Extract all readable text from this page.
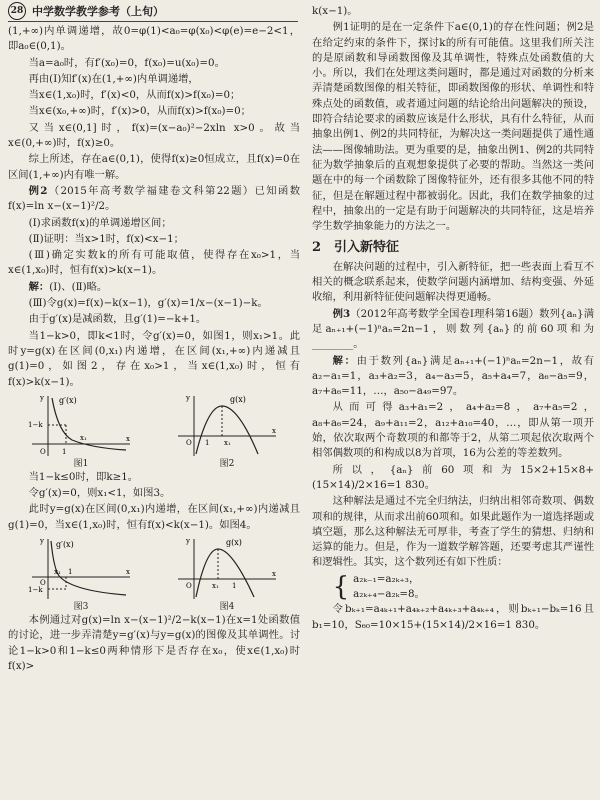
28 中学数学教学参考（上旬）

(1,+∞)内单调递增，故0=φ(1)<a₀=φ(x₀)<φ(e)=e−2<1，即a₀∈(0,1)。

当a=a₀时，有f′(x₀)=0，f(x₀)=u(x₀)=0。

再由(Ⅰ)知f′(x)在(1,+∞)内单调递增，

当x∈(1,x₀)时，f′(x)<0，从而f(x)>f(x₀)=0；

当x∈(x₀,+∞)时，f′(x)>0，从而f(x)>f(x₀)=0；

又当x∈(0,1]时，f(x)=(x−a₀)²−2xln x>0。故当x∈(0,+∞)时，f(x)≥0。

综上所述，存在a∈(0,1)，使得f(x)≥0恒成立，且f(x)=0在区间(1,+∞)内有唯一解。

例2（2015年高考数学福建卷文科第22题）已知函数f(x)=ln x−(x−1)²/2。

(Ⅰ)求函数f(x)的单调递增区间；

(Ⅱ)证明：当x>1时，f(x)<x−1；

(Ⅲ)确定实数k的所有可能取值，使得存在x₀>1，当x∈(1,x₀)时，恒有f(x)>k(x−1)。

解：(Ⅰ)、(Ⅱ)略。

(Ⅲ)令g(x)=f(x)−k(x−1)，g′(x)=1/x−(x−1)−k。

由于g′(x)是减函数，且g′(1)=−k+1。

当1−k>0，即k<1时，令g′(x)=0，如图1，则x₁>1。此时y=g(x)在区间(0,x₁)内递增，在区间(x₁,+∞)内递减且g(1)=0，如图2，存在x₀>1，当x∈(1,x₀)时，恒有f(x)>k(x−1)。

g′(x)
1−k
O 1
x₁	x
y
图1
g(x)
O 1 x₁
x
y
图2

当1−k≤0时，即k≥1。

令g′(x)=0，则x₁<1，如图3。

此时y=g(x)在区间(0,x₁)内递增，在区间(x₁,+∞)内递减且g(1)=0，当x∈(1,x₀)时，恒有f(x)<k(x−1)。如图4。

g′(x)
1−k
O
1
x₁	x
y
图3
g(x)
O	1
x₁
x
y
图4

本例通过对g(x)=ln x−(x−1)²/2−k(x−1)在x=1处函数值的讨论，进一步弄清楚y=g′(x)与y=g(x)的图像及其单调性。讨论1−k>0和1−k≤0两种情形下是否存在x₀，使x∈(1,x₀)时f(x)>

k(x−1)。

例1证明的是在一定条件下a∈(0,1)的存在性问题；例2是在给定约束的条件下，探讨k的所有可能值。这里我们所关注的是原函数和导函数图像及其单调性，特殊点处函数值的大小。所以，我们在处理这类问题时，都是通过对函数的分析来弄清楚函数图像的相关特征，即函数图像的形状、单调性和特殊点处的函数值，或者通过问题的结论给出问题解决的预设，即符合结论要求的函数应该是什么形状，具有什么特征，从而抽象出例1、例2的共同特征，为解决这一类问题提供了通性通法——图像辅助法。更为重要的是，抽象出例1、例2的共同特征为数学抽象后的直观想象提供了必要的帮助。当然这一类问题在中的每一个函数除了图像特征外，还有很多其他不同的特征，但是在解题过程中都被弱化。因此，我们在数学抽象的过程中，抽象出的一定是有助于问题解决的共同特征，这是培养学生数学抽象能力的方法之一。

2　引入新特征

在解决问题的过程中，引入新特征，把一些表面上看互不相关的概念联系起来，使数学问题内涵增加、结构变强、外延收缩，利用新特征使问题解决得更通畅。

例3（2012年高考数学全国卷Ⅰ理科第16题）数列{aₙ}满足aₙ₊₁+(−1)ⁿaₙ=2n−1，则数列{aₙ}的前60项和为________。

解：由于数列{aₙ}满足aₙ₊₁+(−1)ⁿaₙ=2n−1，故有a₂−a₁=1，a₃+a₂=3，a₄−a₃=5，a₅+a₄=7，a₆−a₅=9，a₇+a₆=11，…，a₅₀−a₄₉=97。

从而可得a₃+a₁=2，a₄+a₂=8，a₇+a₅=2，a₈+a₆=24，a₉+a₁₁=2，a₁₂+a₁₀=40，…，即从第一项开始，依次取两个奇数项的和都等于2，从第二项起依次取两个相邻偶数项的和构成以8为首项，16为公差的等差数列。

所以，{aₙ}前60项和为15×2+15×8+(15×14)/2×16=1 830。

这种解法是通过不完全归纳法，归纳出相邻奇数项、偶数项和的规律，从而求出前60项和。如果此题作为一道选择题或填空题，那么这种解法无可厚非，考查了学生的猜想、归纳和运算的能力。但是，作为一道数学解答题，还要考虑其严谨性和逻辑性。其实，这个数列还有如下性质：

{ a₂ₖ₋₁=a₂ₖ₊₃，
a₂ₖ₊₄−a₂ₖ=8。

令bₖ₊₁=a₄ₖ₊₁+a₄ₖ₊₂+a₄ₖ₊₃+a₄ₖ₊₄，则bₖ₊₁−bₖ=16且b₁=10，S₆₀=10×15+(15×14)/2×16=1 830。
